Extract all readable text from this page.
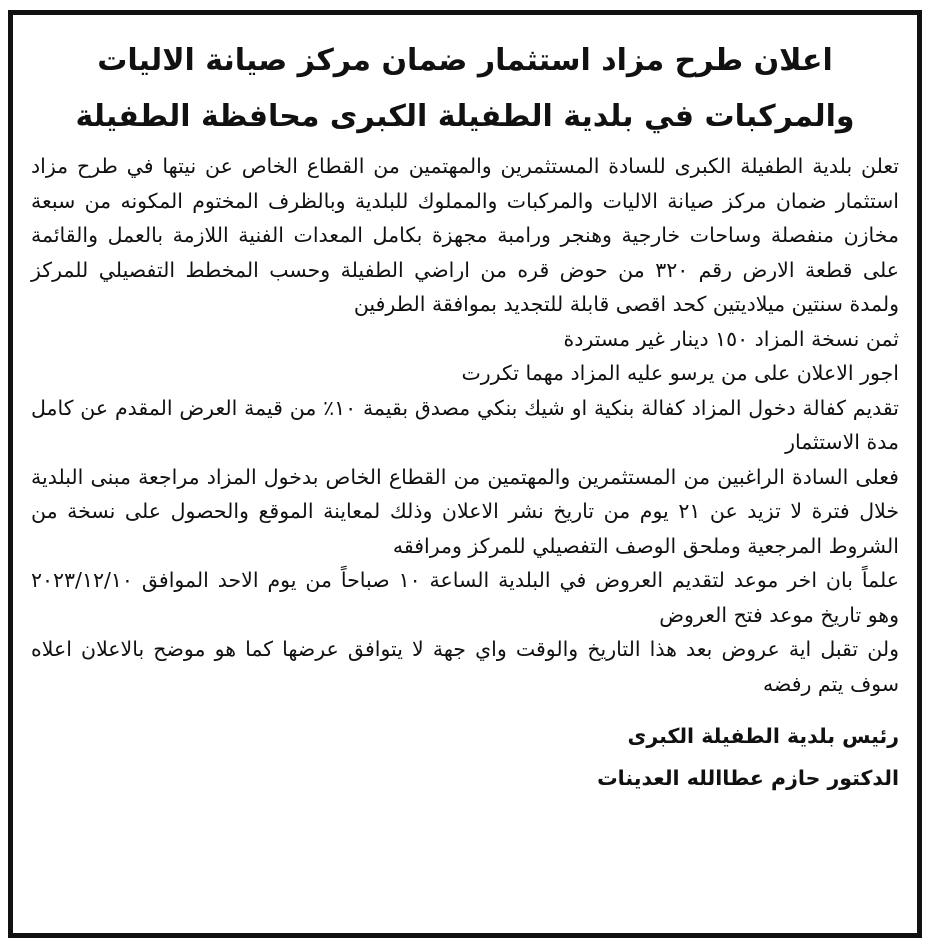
اعلان طرح مزاد استثمار ضمان مركز صيانة الاليات
والمركبات في بلدية الطفيلة الكبرى محافظة الطفيلة

تعلن بلدية الطفيلة الكبرى للسادة المستثمرين والمهتمين من القطاع الخاص عن نيتها في طرح مزاد استثمار ضمان مركز صيانة الاليات والمركبات والمملوك للبلدية وبالظرف المختوم المكونه من سبعة مخازن منفصلة وساحات خارجية وهنجر ورامبة مجهزة بكامل المعدات الفنية اللازمة بالعمل والقائمة على قطعة الارض رقم ٣٢٠ من حوض قره من اراضي الطفيلة وحسب المخطط التفصيلي للمركز ولمدة سنتين ميلاديتين كحد اقصى قابلة للتجديد بموافقة الطرفين

ثمن نسخة المزاد ١٥٠ دينار غير مستردة

اجور الاعلان على من يرسو عليه المزاد مهما تكررت

تقديم كفالة دخول المزاد كفالة بنكية او شيك بنكي مصدق بقيمة ١٠٪ من قيمة العرض المقدم عن كامل مدة الاستثمار

فعلى السادة الراغبين من المستثمرين والمهتمين من القطاع الخاص بدخول المزاد مراجعة مبنى البلدية خلال فترة لا تزيد عن ٢١ يوم من تاريخ نشر الاعلان وذلك لمعاينة الموقع والحصول على نسخة من الشروط المرجعية وملحق الوصف التفصيلي للمركز ومرافقه

علماً بان اخر موعد لتقديم العروض في البلدية الساعة ١٠ صباحاً من يوم الاحد الموافق ٢٠٢٣/١٢/١٠ وهو تاريخ موعد فتح العروض

ولن تقبل اية عروض بعد هذا التاريخ والوقت واي جهة لا يتوافق عرضها كما هو موضح بالاعلان اعلاه سوف يتم رفضه

رئيس بلدية الطفيلة الكبرى
الدكتور حازم عطاالله العدينات
